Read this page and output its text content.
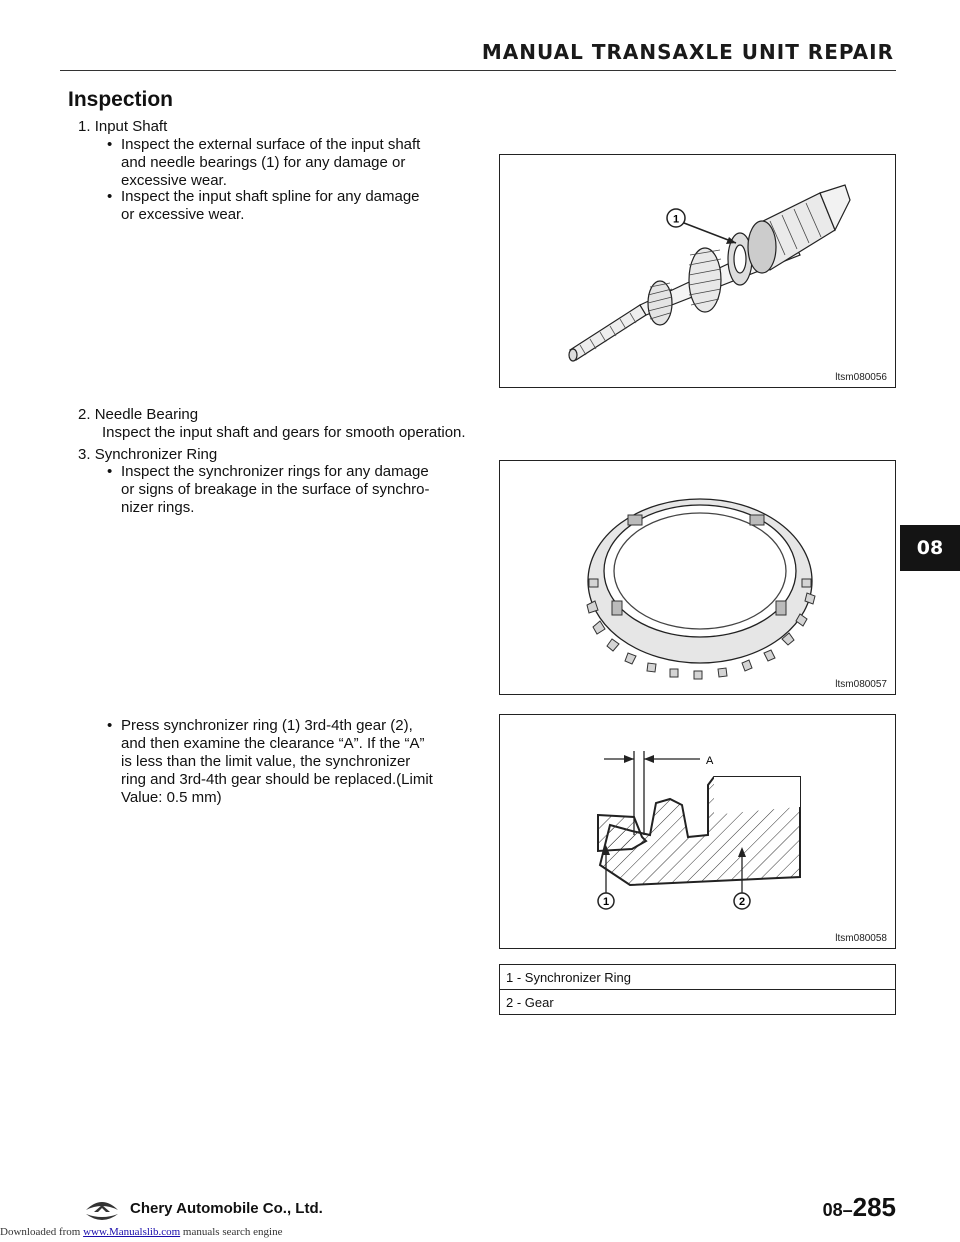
MANUAL TRANSAXLE UNIT REPAIR
Inspection
1. Input Shaft
• Inspect the external surface of the input shaft
and needle bearings (1) for any damage or
excessive wear.
• Inspect the input shaft spline for any damage
or excessive wear.	1
ltsm080056
2. Needle Bearing
Inspect the input shaft and gears for smooth operation.
3. Synchronizer Ring
• Inspect the synchronizer rings for any damage
or signs of breakage in the surface of synchro-
nizer rings.
ltsm080057
• Press synchronizer ring (1) 3rd-4th gear (2),
and then examine the clearance “A”. If the “A”
is less than the limit value, the synchronizer
ring and 3rd-4th gear should be replaced.(Limit
Value: 0.5 mm)
A
1	2
ltsm080058
1 - Synchronizer Ring
2 - Gear
08
Chery Automobile Co., Ltd.	08–285
Downloaded from www.Manualslib.com manuals search engine
